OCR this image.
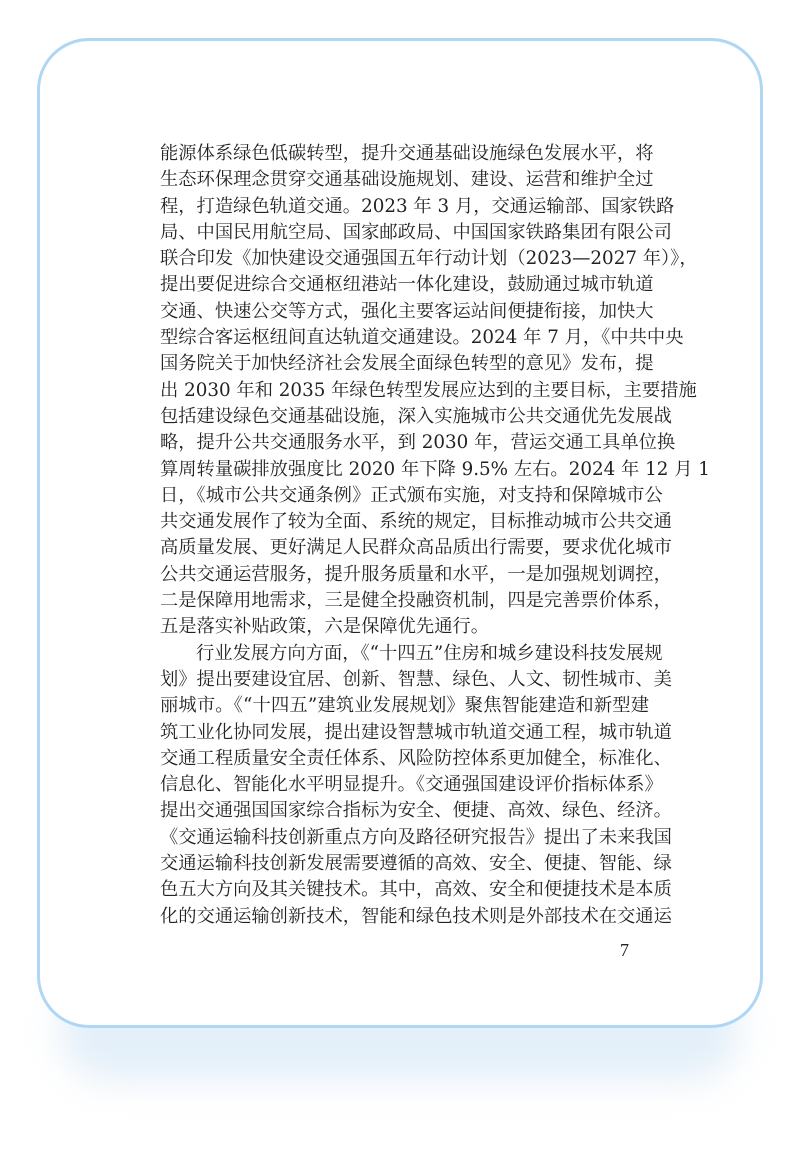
能源体系绿色低碳转型，提升交通基础设施绿色发展水平，将
生态环保理念贯穿交通基础设施规划、建设、运营和维护全过
程，打造绿色轨道交通。2023 年 3 月，交通运输部、国家铁路
局、中国民用航空局、国家邮政局、中国国家铁路集团有限公司
联合印发《加快建设交通强国五年行动计划（2023—2027 年）》，
提出要促进综合交通枢纽港站一体化建设，鼓励通过城市轨道
交通、快速公交等方式，强化主要客运站间便捷衔接，加快大
型综合客运枢纽间直达轨道交通建设。2024 年 7 月，《中共中央
国务院关于加快经济社会发展全面绿色转型的意见》发布，提
出 2030 年和 2035 年绿色转型发展应达到的主要目标，主要措施
包括建设绿色交通基础设施，深入实施城市公共交通优先发展战
略，提升公共交通服务水平，到 2030 年，营运交通工具单位换
算周转量碳排放强度比 2020 年下降 9.5% 左右。2024 年 12 月 1
日，《城市公共交通条例》正式颁布实施，对支持和保障城市公
共交通发展作了较为全面、系统的规定，目标推动城市公共交通
高质量发展、更好满足人民群众高品质出行需要，要求优化城市
公共交通运营服务，提升服务质量和水平，一是加强规划调控，
二是保障用地需求，三是健全投融资机制，四是完善票价体系，
五是落实补贴政策，六是保障优先通行。
行业发展方向方面，《“十四五”住房和城乡建设科技发展规
划》提出要建设宜居、创新、智慧、绿色、人文、韧性城市、美
丽城市。《“十四五”建筑业发展规划》聚焦智能建造和新型建
筑工业化协同发展，提出建设智慧城市轨道交通工程，城市轨道
交通工程质量安全责任体系、风险防控体系更加健全，标准化、
信息化、智能化水平明显提升。《交通强国建设评价指标体系》
提出交通强国国家综合指标为安全、便捷、高效、绿色、经济。
《交通运输科技创新重点方向及路径研究报告》提出了未来我国
交通运输科技创新发展需要遵循的高效、安全、便捷、智能、绿
色五大方向及其关键技术。其中，高效、安全和便捷技术是本质
化的交通运输创新技术，智能和绿色技术则是外部技术在交通运
7
